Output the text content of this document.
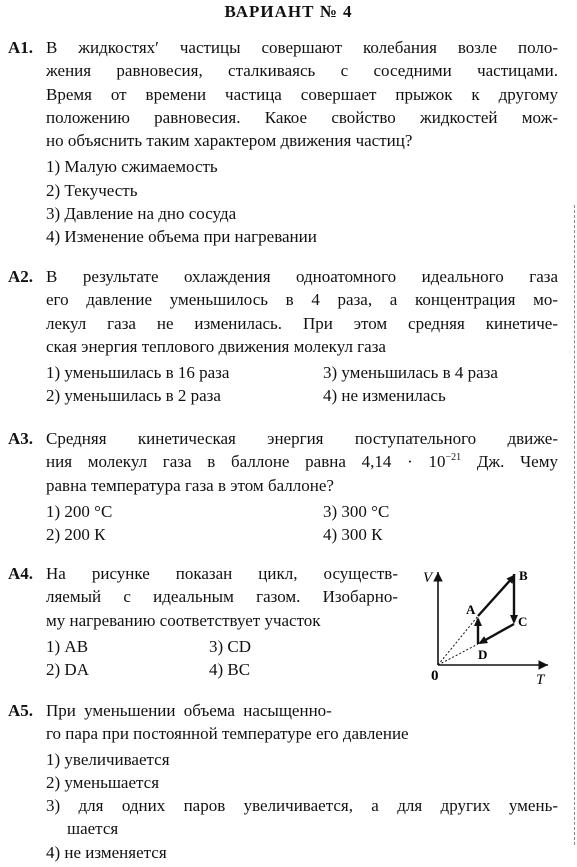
ВАРИАНТ № 4
А1. В жидкостях′ частицы совершают колебания возле поло-
жения равновесия, сталкиваясь с соседними частицами.
Время от времени частица совершает прыжок к другому
положению равновесия. Какое свойство жидкостей мож-
но объяснить таким характером движения частиц?
1) Малую сжимаемость
2) Текучесть
3) Давление на дно сосуда
4) Изменение объема при нагревании
А2. В результате охлаждения одноатомного идеального газа
его давление уменьшилось в 4 раза, а концентрация мо-
лекул газа не изменилась. При этом средняя кинетиче-
ская энергия теплового движения молекул газа
1) уменьшилась в 16 раза	3) уменьшилась в 4 раза
2) уменьшилась в 2 раза	4) не изменилась
А3. Средняя кинетическая энергия поступательного движе-
ния молекул газа в баллоне равна $4,14 \cdot 10^{-21}$ Дж. Чему
равна температура газа в этом баллоне?
1) 200 °С	3) 300 °С
2) 200 К	4) 300 К
А4. На рисунке показан цикл, осуществ-
ляемый с идеальным газом. Изобарно-
му нагреванию соответствует участок
1) АВ	3) CD
2) DA	4) ВС
V
T
0
A
B
C
D
А5. При уменьшении объема насыщенно-
го пара при постоянной температуре его давление
1) увеличивается
2) уменьшается
3) для одних паров увеличивается, а для других умень-
шается
4) не изменяется
